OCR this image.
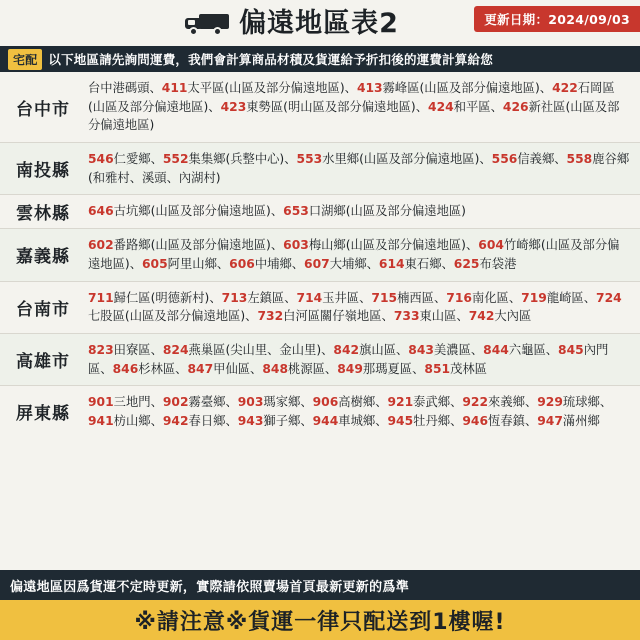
偏遠地區表2	更新日期：2024/09/03
宅配 以下地區請先詢問運費，我們會計算商品材積及貨運給予折扣後的運費計算給您
台中市
台中港碼頭、411太平區(山區及部分偏遠地區)、413霧峰區(山區及部分偏遠地區)、422石岡區(山區及部分偏遠地區)、423東勢區(明山區及部分偏遠地區)、424和平區、426新社區(山區及部分偏遠地區)
南投縣
546仁愛鄉、552集集鄉(兵整中心)、553水里鄉(山區及部分偏遠地區)、556信義鄉、558鹿谷鄉(和雅村、溪頭、內湖村)
雲林縣	646古坑鄉(山區及部分偏遠地區)、653口湖鄉(山區及部分偏遠地區)
嘉義縣
602番路鄉(山區及部分偏遠地區)、603梅山鄉(山區及部分偏遠地區)、604竹崎鄉(山區及部分偏遠地區)、605阿里山鄉、606中埔鄉、607大埔鄉、614東石鄉、625布袋港
台南市
711歸仁區(明德新村)、713左鎮區、714玉井區、715楠西區、716南化區、719龍崎區、724七股區(山區及部分偏遠地區)、732白河區關仔嶺地區、733東山區、742大內區
高雄市
823田寮區、824燕巢區(尖山里、金山里)、842旗山區、843美濃區、844六龜區、845內門區、846杉林區、847甲仙區、848桃源區、849那瑪夏區、851茂林區
屏東縣
901三地門、902霧臺鄉、903瑪家鄉、906高樹鄉、921泰武鄉、922來義鄉、929琉球鄉、941枋山鄉、942春日鄉、943獅子鄉、944車城鄉、945牡丹鄉、946恆春鎮、947滿州鄉
偏遠地區因爲貨運不定時更新，實際請依照賣場首頁最新更新的爲準
※請注意※貨運一律只配送到1樓喔!
